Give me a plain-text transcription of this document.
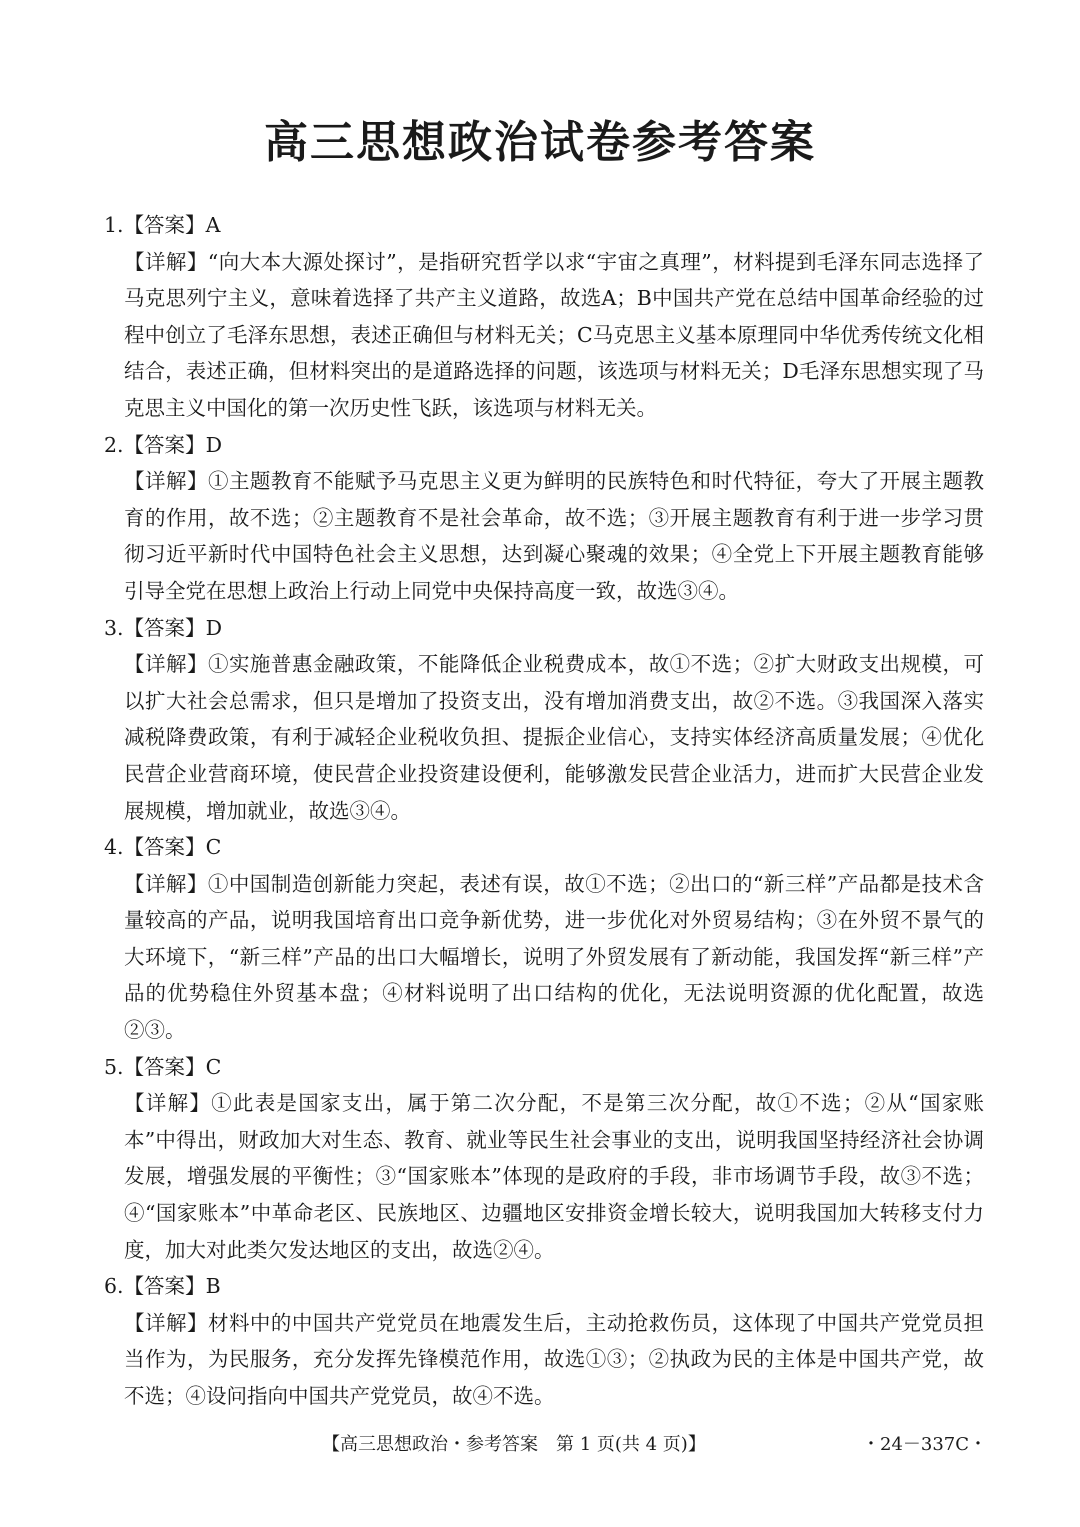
高三思想政治试卷参考答案

1.【答案】A

【详解】“向大本大源处探讨”，是指研究哲学以求“宇宙之真理”，材料提到毛泽东同志选择了马克思列宁主义，意味着选择了共产主义道路，故选A；B中国共产党在总结中国革命经验的过程中创立了毛泽东思想，表述正确但与材料无关；C马克思主义基本原理同中华优秀传统文化相结合，表述正确，但材料突出的是道路选择的问题，该选项与材料无关；D毛泽东思想实现了马克思主义中国化的第一次历史性飞跃，该选项与材料无关。

2.【答案】D

【详解】①主题教育不能赋予马克思主义更为鲜明的民族特色和时代特征，夸大了开展主题教育的作用，故不选；②主题教育不是社会革命，故不选；③开展主题教育有利于进一步学习贯彻习近平新时代中国特色社会主义思想，达到凝心聚魂的效果；④全党上下开展主题教育能够引导全党在思想上政治上行动上同党中央保持高度一致，故选③④。

3.【答案】D

【详解】①实施普惠金融政策，不能降低企业税费成本，故①不选；②扩大财政支出规模，可以扩大社会总需求，但只是增加了投资支出，没有增加消费支出，故②不选。③我国深入落实减税降费政策，有利于减轻企业税收负担、提振企业信心，支持实体经济高质量发展；④优化民营企业营商环境，使民营企业投资建设便利，能够激发民营企业活力，进而扩大民营企业发展规模，增加就业，故选③④。

4.【答案】C

【详解】①中国制造创新能力突起，表述有误，故①不选；②出口的“新三样”产品都是技术含量较高的产品，说明我国培育出口竞争新优势，进一步优化对外贸易结构；③在外贸不景气的大环境下，“新三样”产品的出口大幅增长，说明了外贸发展有了新动能，我国发挥“新三样”产品的优势稳住外贸基本盘；④材料说明了出口结构的优化，无法说明资源的优化配置，故选②③。

5.【答案】C

【详解】①此表是国家支出，属于第二次分配，不是第三次分配，故①不选；②从“国家账本”中得出，财政加大对生态、教育、就业等民生社会事业的支出，说明我国坚持经济社会协调发展，增强发展的平衡性；③“国家账本”体现的是政府的手段，非市场调节手段，故③不选；④“国家账本”中革命老区、民族地区、边疆地区安排资金增长较大，说明我国加大转移支付力度，加大对此类欠发达地区的支出，故选②④。

6.【答案】B

【详解】材料中的中国共产党党员在地震发生后，主动抢救伤员，这体现了中国共产党党员担当作为，为民服务，充分发挥先锋模范作用，故选①③；②执政为民的主体是中国共产党，故不选；④设问指向中国共产党党员，故④不选。

【高三思想政治・参考答案　第 1 页(共 4 页)】	・24－337C・
